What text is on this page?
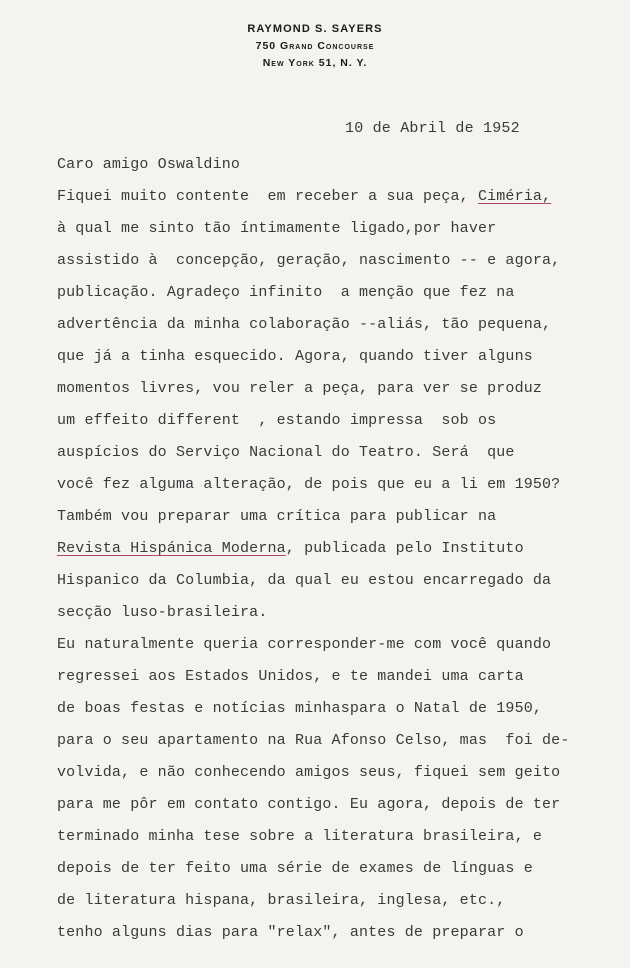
RAYMOND S. SAYERS
750 Grand Concourse
New York 51, N. Y.
10 de Abril de 1952
Caro amigo Oswaldino
Fiquei muito contente  em receber a sua peça, Ciméria,
à qual me sinto tão íntimamente ligado,por haver
assistido à  concepção, geração, nascimento -- e agora,
publicação. Agradeço infinito  a menção que fez na
advertência da minha colaboração --aliás, tão pequena,
que já a tinha esquecido. Agora, quando tiver alguns
momentos livres, vou reler a peça, para ver se produz
um effeito different  , estando impressa  sob os
auspícios do Serviço Nacional do Teatro. Será  que
você fez alguma alteração, de pois que eu a li em 1950?
Também vou preparar uma crítica para publicar na
Revista Hispánica Moderna, publicada pelo Instituto
Hispanico da Columbia, da qual eu estou encarregado da
secção luso-brasileira.
Eu naturalmente queria corresponder-me com você quando
regressei aos Estados Unidos, e te mandei uma carta
de boas festas e notícias minhaspara o Natal de 1950,
para o seu apartamento na Rua Afonso Celso, mas  foi de-
volvida, e não conhecendo amigos seus, fiquei sem geito
para me pôr em contato contigo. Eu agora, depois de ter
terminado minha tese sobre a literatura brasileira, e
depois de ter feito uma série de exames de línguas e
de literatura hispana, brasileira, inglesa, etc.,
tenho alguns dias para "relax", antes de preparar o
